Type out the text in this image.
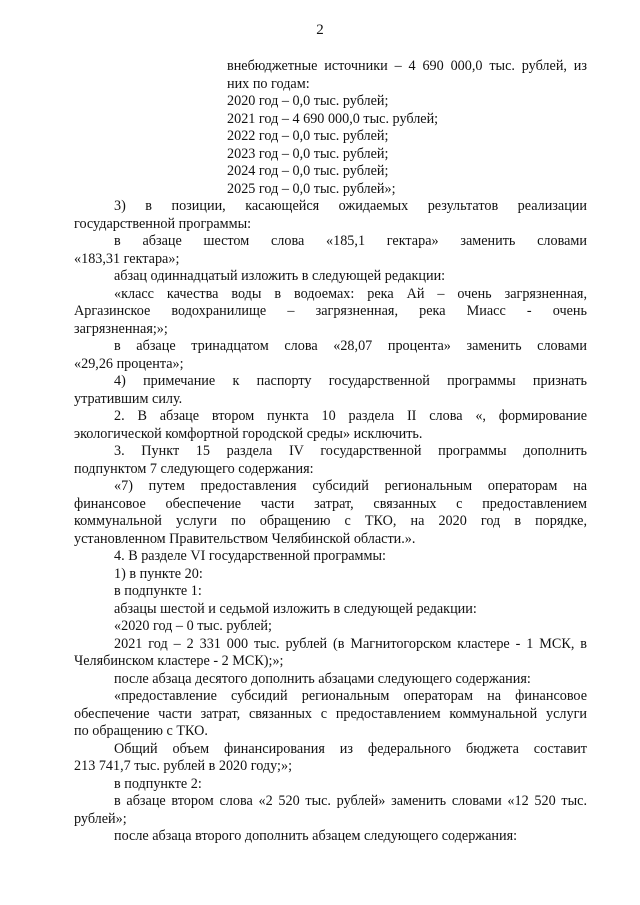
2
внебюджетные источники – 4 690 000,0 тыс. рублей, из
них по годам:
2020 год – 0,0 тыс. рублей;
2021 год – 4 690 000,0 тыс. рублей;
2022 год – 0,0 тыс. рублей;
2023 год – 0,0 тыс. рублей;
2024 год – 0,0 тыс. рублей;
2025 год – 0,0 тыс. рублей»;
3) в позиции, касающейся ожидаемых результатов реализации
государственной программы:
в абзаце шестом слова «185,1 гектара» заменить словами
«183,31 гектара»;
абзац одиннадцатый изложить в следующей редакции:
«класс качества воды в водоемах: река Ай – очень загрязненная,
Аргазинское водохранилище – загрязненная, река Миасс - очень
загрязненная;»;
в абзаце тринадцатом слова «28,07 процента» заменить словами
«29,26 процента»;
4) примечание к паспорту государственной программы признать
утратившим силу.
2. В абзаце втором пункта 10 раздела II слова «, формирование
экологической комфортной городской среды» исключить.
3. Пункт 15 раздела IV государственной программы дополнить
подпунктом 7 следующего содержания:
«7) путем предоставления субсидий региональным операторам на
финансовое обеспечение части затрат, связанных с предоставлением
коммунальной услуги по обращению с ТКО, на 2020 год в порядке,
установленном Правительством Челябинской области.».
4. В разделе VI государственной программы:
1) в пункте 20:
в подпункте 1:
абзацы шестой и седьмой изложить в следующей редакции:
«2020 год – 0 тыс. рублей;
2021 год – 2 331 000 тыс. рублей (в Магнитогорском кластере - 1 МСК, в
Челябинском кластере - 2 МСК);»;
после абзаца десятого дополнить абзацами следующего содержания:
«предоставление субсидий региональным операторам на финансовое
обеспечение части затрат, связанных с предоставлением коммунальной услуги
по обращению с ТКО.
Общий объем финансирования из федерального бюджета составит
213 741,7 тыс. рублей в 2020 году;»;
в подпункте 2:
в абзаце втором слова «2 520 тыс. рублей» заменить словами «12 520 тыс.
рублей»;
после абзаца второго дополнить абзацем следующего содержания:
